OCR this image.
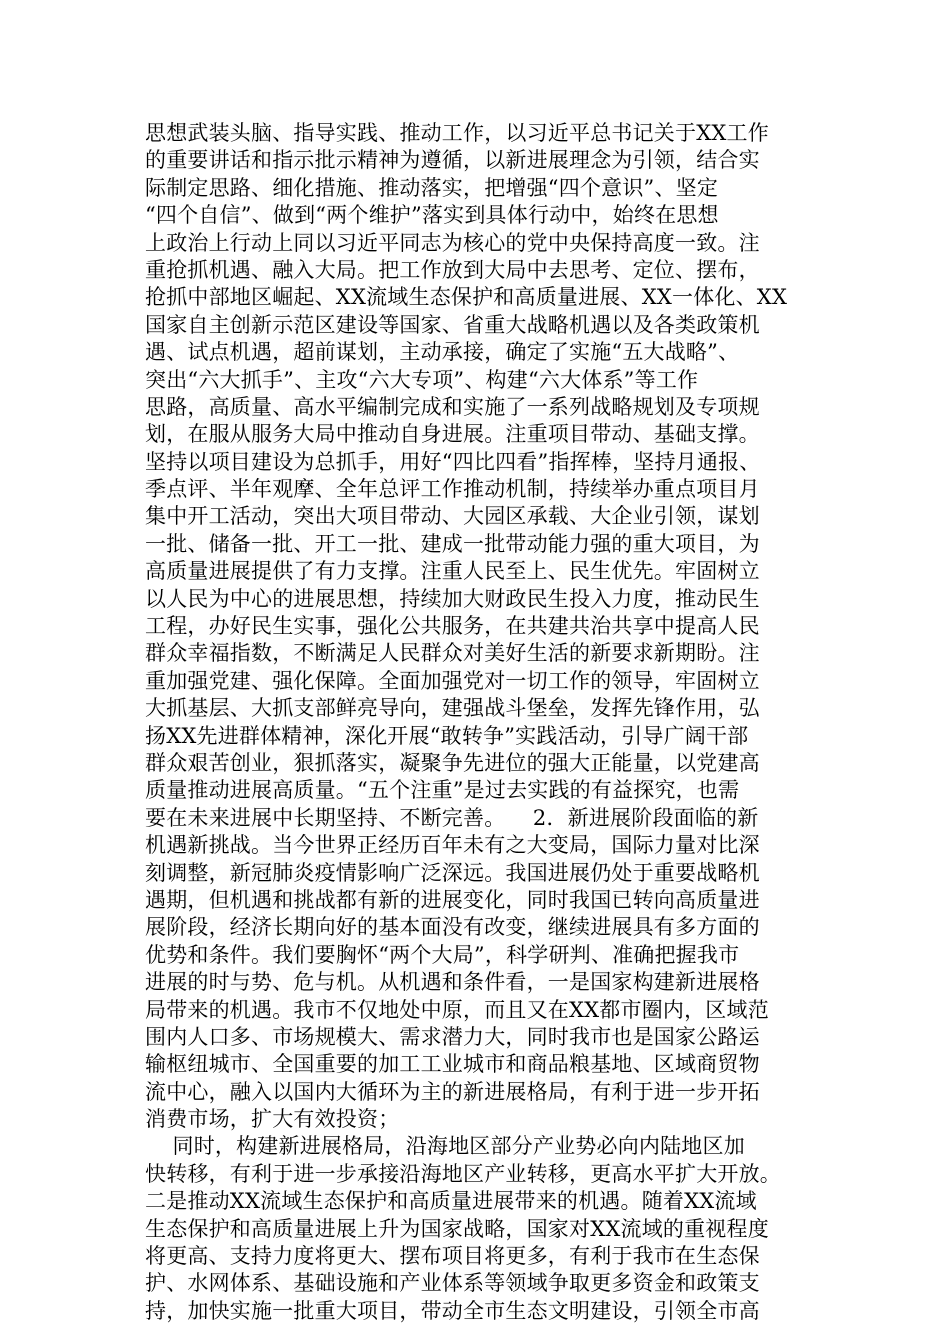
思想武装头脑、指导实践、推动工作，以习近平总书记关于XX工作
的重要讲话和指示批示精神为遵循，以新进展理念为引领，结合实
际制定思路、细化措施、推动落实，把增强“四个意识”、坚定
“四个自信”、做到“两个维护”落实到具体行动中，始终在思想
上政治上行动上同以习近平同志为核心的党中央保持高度一致。注
重抢抓机遇、融入大局。把工作放到大局中去思考、定位、摆布，
抢抓中部地区崛起、XX流域生态保护和高质量进展、XX一体化、XX
国家自主创新示范区建设等国家、省重大战略机遇以及各类政策机
遇、试点机遇，超前谋划，主动承接，确定了实施“五大战略”、
突出“六大抓手”、主攻“六大专项”、构建“六大体系”等工作
思路，高质量、高水平编制完成和实施了一系列战略规划及专项规
划，在服从服务大局中推动自身进展。注重项目带动、基础支撑。
坚持以项目建设为总抓手，用好“四比四看”指挥棒，坚持月通报、
季点评、半年观摩、全年总评工作推动机制，持续举办重点项目月
集中开工活动，突出大项目带动、大园区承载、大企业引领，谋划
一批、储备一批、开工一批、建成一批带动能力强的重大项目，为
高质量进展提供了有力支撑。注重人民至上、民生优先。牢固树立
以人民为中心的进展思想，持续加大财政民生投入力度，推动民生
工程，办好民生实事，强化公共服务，在共建共治共享中提高人民
群众幸福指数，不断满足人民群众对美好生活的新要求新期盼。注
重加强党建、强化保障。全面加强党对一切工作的领导，牢固树立
大抓基层、大抓支部鲜亮导向，建强战斗堡垒，发挥先锋作用，弘
扬XX先进群体精神，深化开展“敢转争”实践活动，引导广阔干部
群众艰苦创业，狠抓落实，凝聚争先进位的强大正能量，以党建高
质量推动进展高质量。“五个注重”是过去实践的有益探究，也需
要在未来进展中长期坚持、不断完善。    2．新进展阶段面临的新
机遇新挑战。当今世界正经历百年未有之大变局，国际力量对比深
刻调整，新冠肺炎疫情影响广泛深远。我国进展仍处于重要战略机
遇期，但机遇和挑战都有新的进展变化，同时我国已转向高质量进
展阶段，经济长期向好的基本面没有改变，继续进展具有多方面的
优势和条件。我们要胸怀“两个大局”，科学研判、准确把握我市
进展的时与势、危与机。从机遇和条件看，一是国家构建新进展格
局带来的机遇。我市不仅地处中原，而且又在XX都市圈内，区域范
围内人口多、市场规模大、需求潜力大，同时我市也是国家公路运
输枢纽城市、全国重要的加工工业城市和商品粮基地、区域商贸物
流中心，融入以国内大循环为主的新进展格局，有利于进一步开拓
消费市场，扩大有效投资；
同时，构建新进展格局，沿海地区部分产业势必向内陆地区加
快转移，有利于进一步承接沿海地区产业转移，更高水平扩大开放。
二是推动XX流域生态保护和高质量进展带来的机遇。随着XX流域
生态保护和高质量进展上升为国家战略，国家对XX流域的重视程度
将更高、支持力度将更大、摆布项目将更多，有利于我市在生态保
护、水网体系、基础设施和产业体系等领域争取更多资金和政策支
持，加快实施一批重大项目，带动全市生态文明建设，引领全市高
